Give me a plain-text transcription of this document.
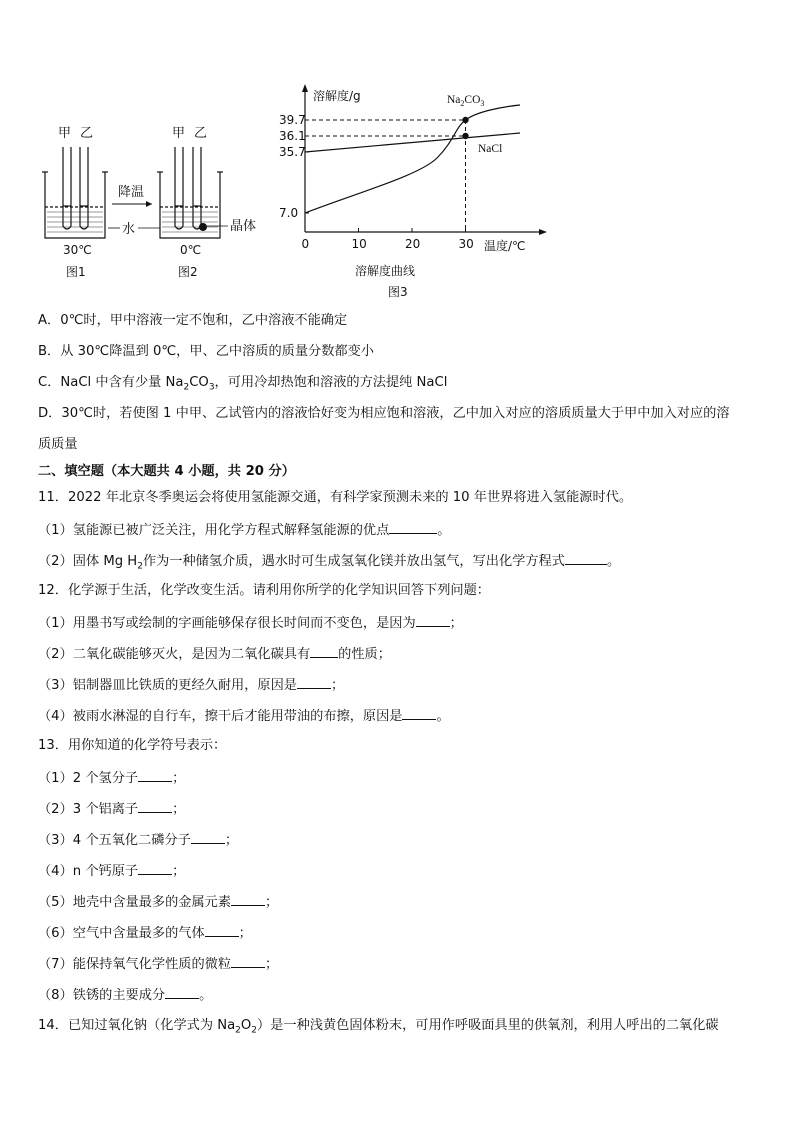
甲 乙
30℃
图1
降温
水	晶体
甲 乙
0℃
图2
溶解度/g
温度/℃
溶解度曲线
图3
$Na_2CO_3$
NaCl
0	10	20	30
7.0
35.7
36.1
39.7
A．0℃时，甲中溶液一定不饱和，乙中溶液不能确定
B．从 30℃降温到 0℃，甲、乙中溶质的质量分数都变小
C．NaCl 中含有少量 $Na_2CO_3$，可用冷却热饱和溶液的方法提纯 NaCl
D．30℃时，若使图 1 中甲、乙试管内的溶液恰好变为相应饱和溶液，乙中加入对应的溶质质量大于甲中加入对应的溶
质质量
二、填空题（本大题共 4 小题，共 20 分）
11．2022 年北京冬季奥运会将使用氢能源交通，有科学家预测未来的 10 年世界将进入氢能源时代。
（1）氢能源已被广泛关注，用化学方程式解释氢能源的优点	。
（2）固体 Mg $H_2$作为一种储氢介质，遇水时可生成氢氧化镁并放出氢气，写出化学方程式	。
12．化学源于生活，化学改变生活。请利用你所学的化学知识回答下列问题：
（1）用墨书写或绘制的字画能够保存很长时间而不变色，是因为	；
（2）二氧化碳能够灭火，是因为二氧化碳具有 的性质；
（3）铝制器皿比铁质的更经久耐用，原因是	；
（4）被雨水淋湿的自行车，擦干后才能用带油的布擦，原因是	。
13．用你知道的化学符号表示：
（1）2 个氢分子	；
（2）3 个铝离子	；
（3）4 个五氧化二磷分子	；
（4）n 个钙原子	；
（5）地壳中含量最多的金属元素	；
（6）空气中含量最多的气体	；
（7）能保持氧气化学性质的微粒	；
（8）铁锈的主要成分	。
14．已知过氧化钠（化学式为 $Na_2O_2$）是一种浅黄色固体粉末，可用作呼吸面具里的供氧剂，利用人呼出的二氧化碳
